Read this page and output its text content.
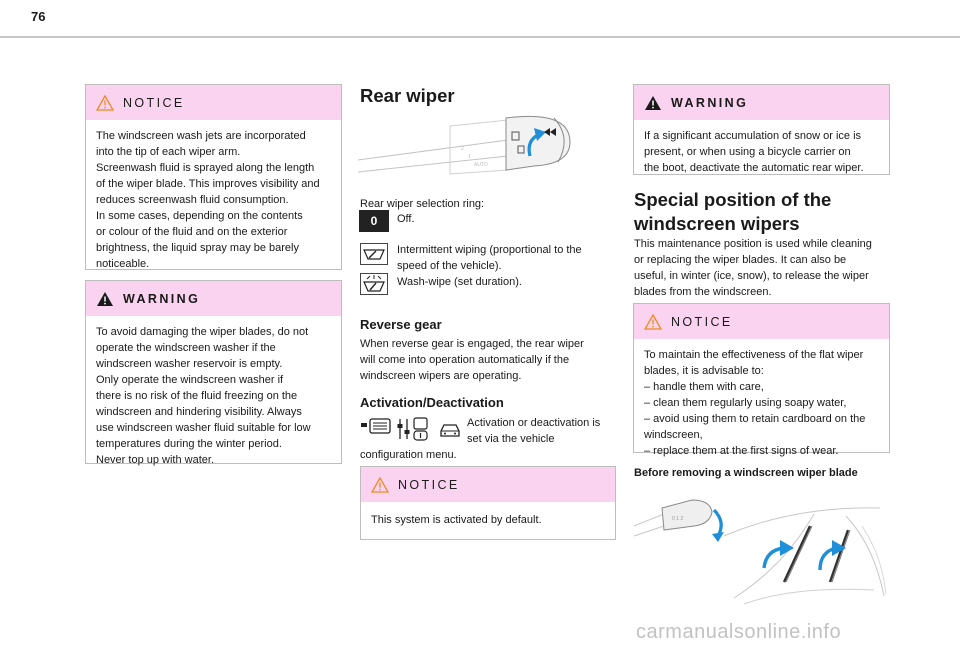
76
NOTICE
The windscreen wash jets are incorporated
into the tip of each wiper arm.
Screenwash fluid is sprayed along the length
of the wiper blade. This improves visibility and
reduces screenwash fluid consumption.
In some cases, depending on the contents
or colour of the fluid and on the exterior
brightness, the liquid spray may be barely
noticeable.
WARNING
To avoid damaging the wiper blades, do not
operate the windscreen washer if the
windscreen washer reservoir is empty.
Only operate the windscreen washer if
there is no risk of the fluid freezing on the
windscreen and hindering visibility. Always
use windscreen washer fluid suitable for low
temperatures during the winter period.
Never top up with water.
Rear wiper
2
1
AUTO
Rear wiper selection ring:
0 Off.
Intermittent wiping (proportional to the
speed of the vehicle).
Wash-wipe (set duration).
Reverse gear
When reverse gear is engaged, the rear wiper
will come into operation automatically if the
windscreen wipers are operating.
Activation/Deactivation
Activation or deactivation is
set via the vehicle
configuration menu.
NOTICE
This system is activated by default.
WARNING
If a significant accumulation of snow or ice is
present, or when using a bicycle carrier on
the boot, deactivate the automatic rear wiper.
Special position of the
windscreen wipers
This maintenance position is used while cleaning
or replacing the wiper blades. It can also be
useful, in winter (ice, snow), to release the wiper
blades from the windscreen.
NOTICE
To maintain the effectiveness of the flat wiper
blades, it is advisable to:
– handle them with care,
– clean them regularly using soapy water,
– avoid using them to retain cardboard on the
windscreen,
– replace them at the first signs of wear.
Before removing a windscreen wiper blade
0 1 2
carmanualsonline.info
